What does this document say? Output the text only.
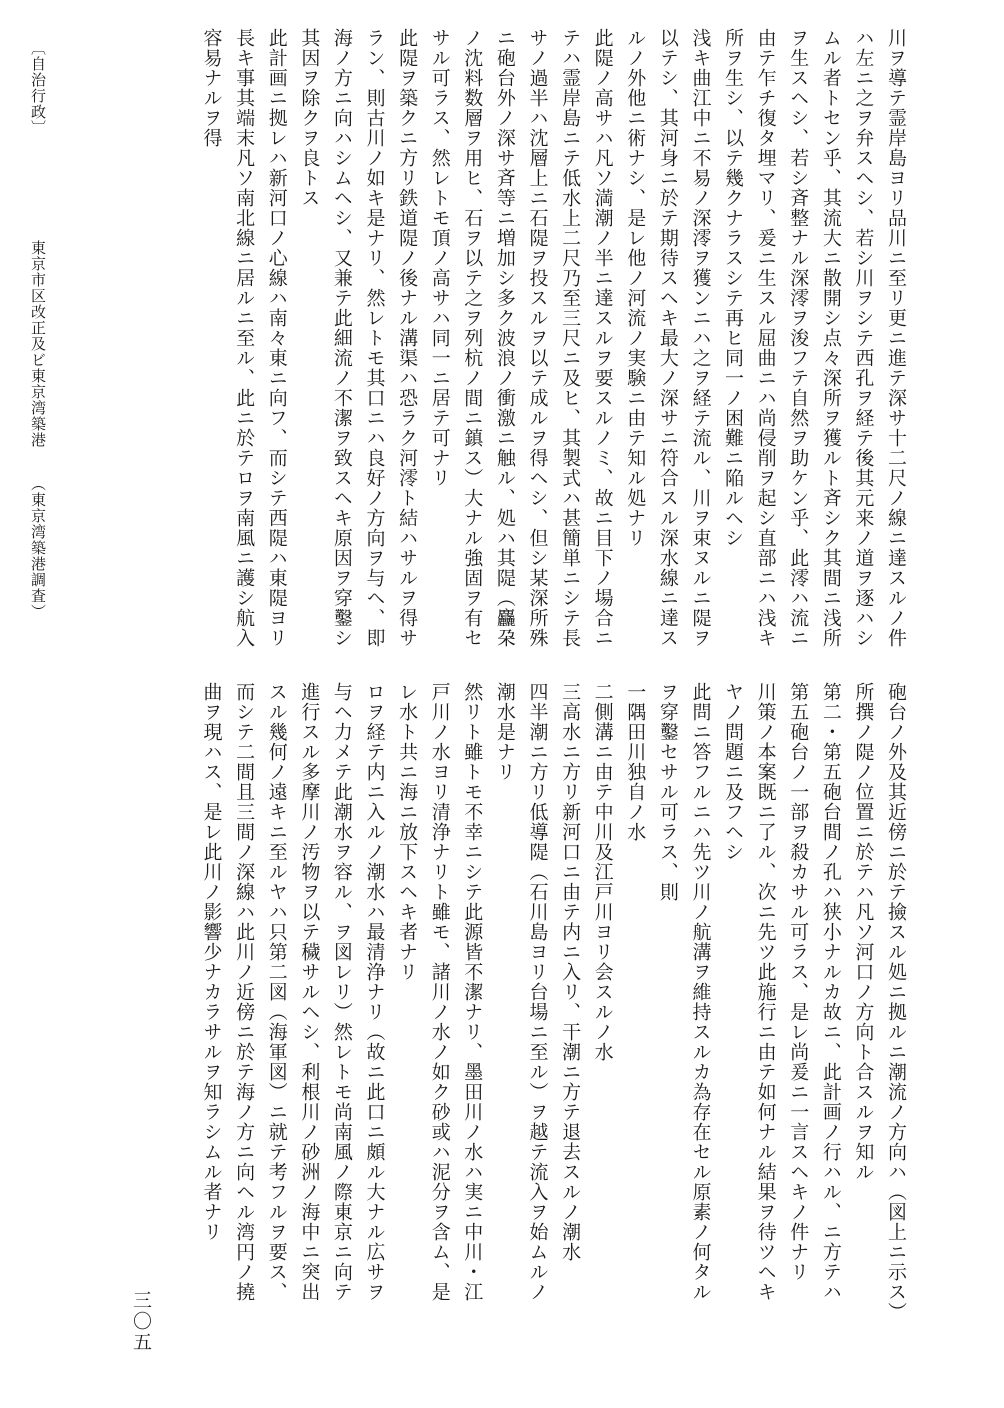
川ヲ導テ霊岸島ヨリ品川ニ至リ更ニ進テ深サ十二尺ノ線ニ達スルノ件

ハ左ニ之ヲ弁スヘシ、若シ川ヲシテ西孔ヲ経テ後其元来ノ道ヲ逐ハシ

ムル者トセン乎、其流大ニ散開シ点々深所ヲ獲ルト斉シク其間ニ浅所

ヲ生スヘシ、若シ斉整ナル深澪ヲ浚フテ自然ヲ助ケン乎、此澪ハ流ニ

由テ乍チ復タ埋マリ、爰ニ生スル屈曲ニハ尚侵削ヲ起シ直部ニハ浅キ

所ヲ生シ、以テ幾クナラスシテ再ヒ同一ノ困難ニ陥ルヘシ

浅キ曲江中ニ不易ノ深澪ヲ獲ンニハ之ヲ経テ流ル、川ヲ束ヌルニ隄ヲ

以テシ、其河身ニ於テ期待スヘキ最大ノ深サニ符合スル深水線ニ達ス

ルノ外他ニ術ナシ、是レ他ノ河流ノ実験ニ由テ知ル処ナリ

此隄ノ高サハ凡ソ満潮ノ半ニ達スルヲ要スルノミ、故ニ目下ノ場合ニ

テハ霊岸島ニテ低水上二尺乃至三尺ニ及ヒ、其製式ハ甚簡単ニシテ長

サノ過半ハ沈層上ニ石隄ヲ投スルヲ以テ成ルヲ得ヘシ、但シ某深所殊

ニ砲台外ノ深サ斉等ニ増加シ多ク波浪ノ衝激ニ触ル、処ハ其隄（麤朶

ノ沈料数層ヲ用ヒ、石ヲ以テ之ヲ列杭ノ間ニ鎮ス）大ナル強固ヲ有セ

サル可ラス、然レトモ頂ノ高サハ同一ニ居テ可ナリ

此隄ヲ築クニ方リ鉄道隄ノ後ナル溝渠ハ恐ラク河澪ト結ハサルヲ得サ

ラン、則古川ノ如キ是ナリ、然レトモ其口ニハ良好ノ方向ヲ与ヘ、即

海ノ方ニ向ハシムヘシ、又兼テ此細流ノ不潔ヲ致スヘキ原因ヲ穿鑿シ

其因ヲ除クヲ良トス

此計画ニ拠レハ新河口ノ心線ハ南々東ニ向フ、而シテ西隄ハ東隄ヨリ

長キ事其端末凡ソ南北線ニ居ルニ至ル、此ニ於テロヲ南風ニ護シ航入

容易ナルヲ得

砲台ノ外及其近傍ニ於テ撿スル処ニ拠ルニ潮流ノ方向ハ（図上ニ示ス）

所撰ノ隄ノ位置ニ於テハ凡ソ河口ノ方向ト合スルヲ知ル

第二・第五砲台間ノ孔ハ狭小ナルカ故ニ、此計画ノ行ハル、ニ方テハ

第五砲台ノ一部ヲ殺カサル可ラス、是レ尚爰ニ一言スヘキノ件ナリ

川策ノ本案既ニ了ル、次ニ先ツ此施行ニ由テ如何ナル結果ヲ待ツヘキ

ヤノ問題ニ及フヘシ

此問ニ答フルニハ先ツ川ノ航溝ヲ維持スルカ為存在セル原素ノ何タル

ヲ穿鑿セサル可ラス、則

一隅田川独自ノ水

二側溝ニ由テ中川及江戸川ヨリ会スルノ水

三高水ニ方リ新河口ニ由テ内ニ入リ、干潮ニ方テ退去スルノ潮水

四半潮ニ方リ低導隄（石川島ヨリ台場ニ至ル）ヲ越テ流入ヲ始ムルノ

潮水是ナリ

然リト雖トモ不幸ニシテ此源皆不潔ナリ、墨田川ノ水ハ実ニ中川・江

戸川ノ水ヨリ清浄ナリト雖モ、諸川ノ水ノ如ク砂或ハ泥分ヲ含ム、是

レ水ト共ニ海ニ放下スヘキ者ナリ

ロヲ経テ内ニ入ルノ潮水ハ最清浄ナリ（故ニ此口ニ頗ル大ナル広サヲ

与ヘ力メテ此潮水ヲ容ル、ヲ図レリ）然レトモ尚南風ノ際東京ニ向テ

進行スル多摩川ノ汚物ヲ以テ穢サルヘシ、利根川ノ砂洲ノ海中ニ突出

スル幾何ノ遠キニ至ルヤハ只第二図（海軍図）ニ就テ考フルヲ要ス、

而シテ二間且三間ノ深線ハ此川ノ近傍ニ於テ海ノ方ニ向ヘル湾円ノ撓

曲ヲ現ハス、是レ此川ノ影響少ナカラサルヲ知ラシムル者ナリ

〔自治行政〕
東京市区改正及ビ東京湾築港 　 （東京湾築港調査）
三〇五
